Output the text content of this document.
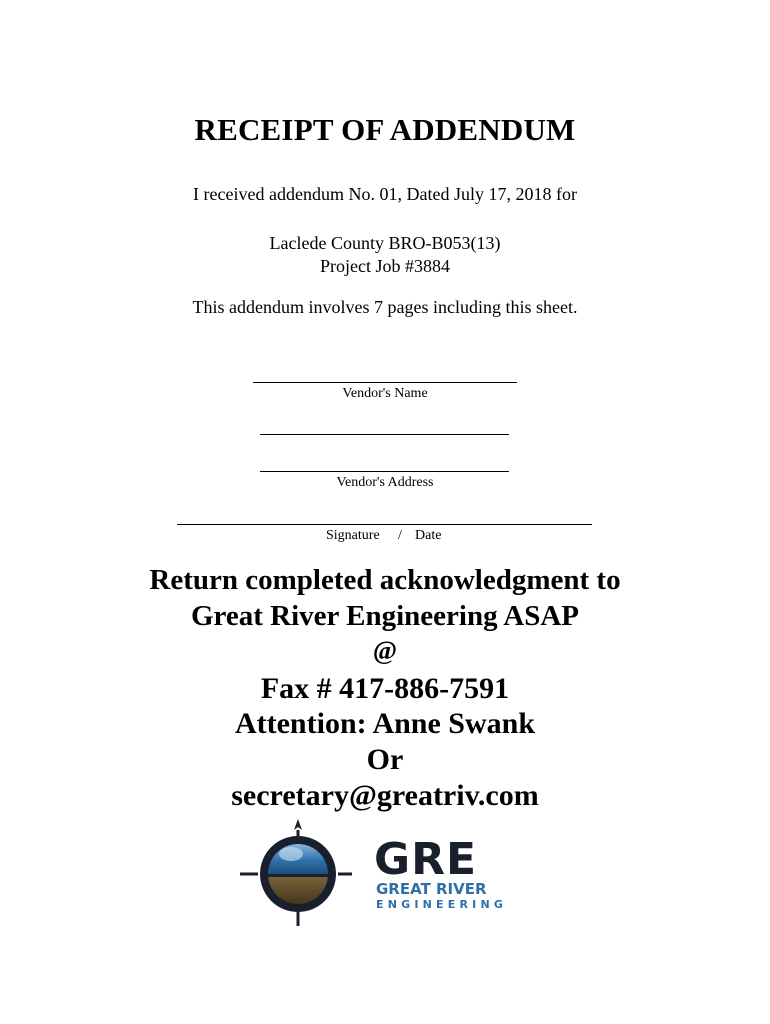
RECEIPT OF ADDENDUM
I received addendum No. 01, Dated July 17, 2018 for
Laclede County BRO-B053(13)
Project Job #3884
This addendum involves 7 pages including this sheet.
Vendor's Name
Vendor's Address
Signature / Date
Return completed acknowledgment to
Great River Engineering ASAP
@
Fax # 417-886-7591
Attention: Anne Swank
Or
secretary@greatriv.com
GRE
GREAT RIVER
ENGINEERING
